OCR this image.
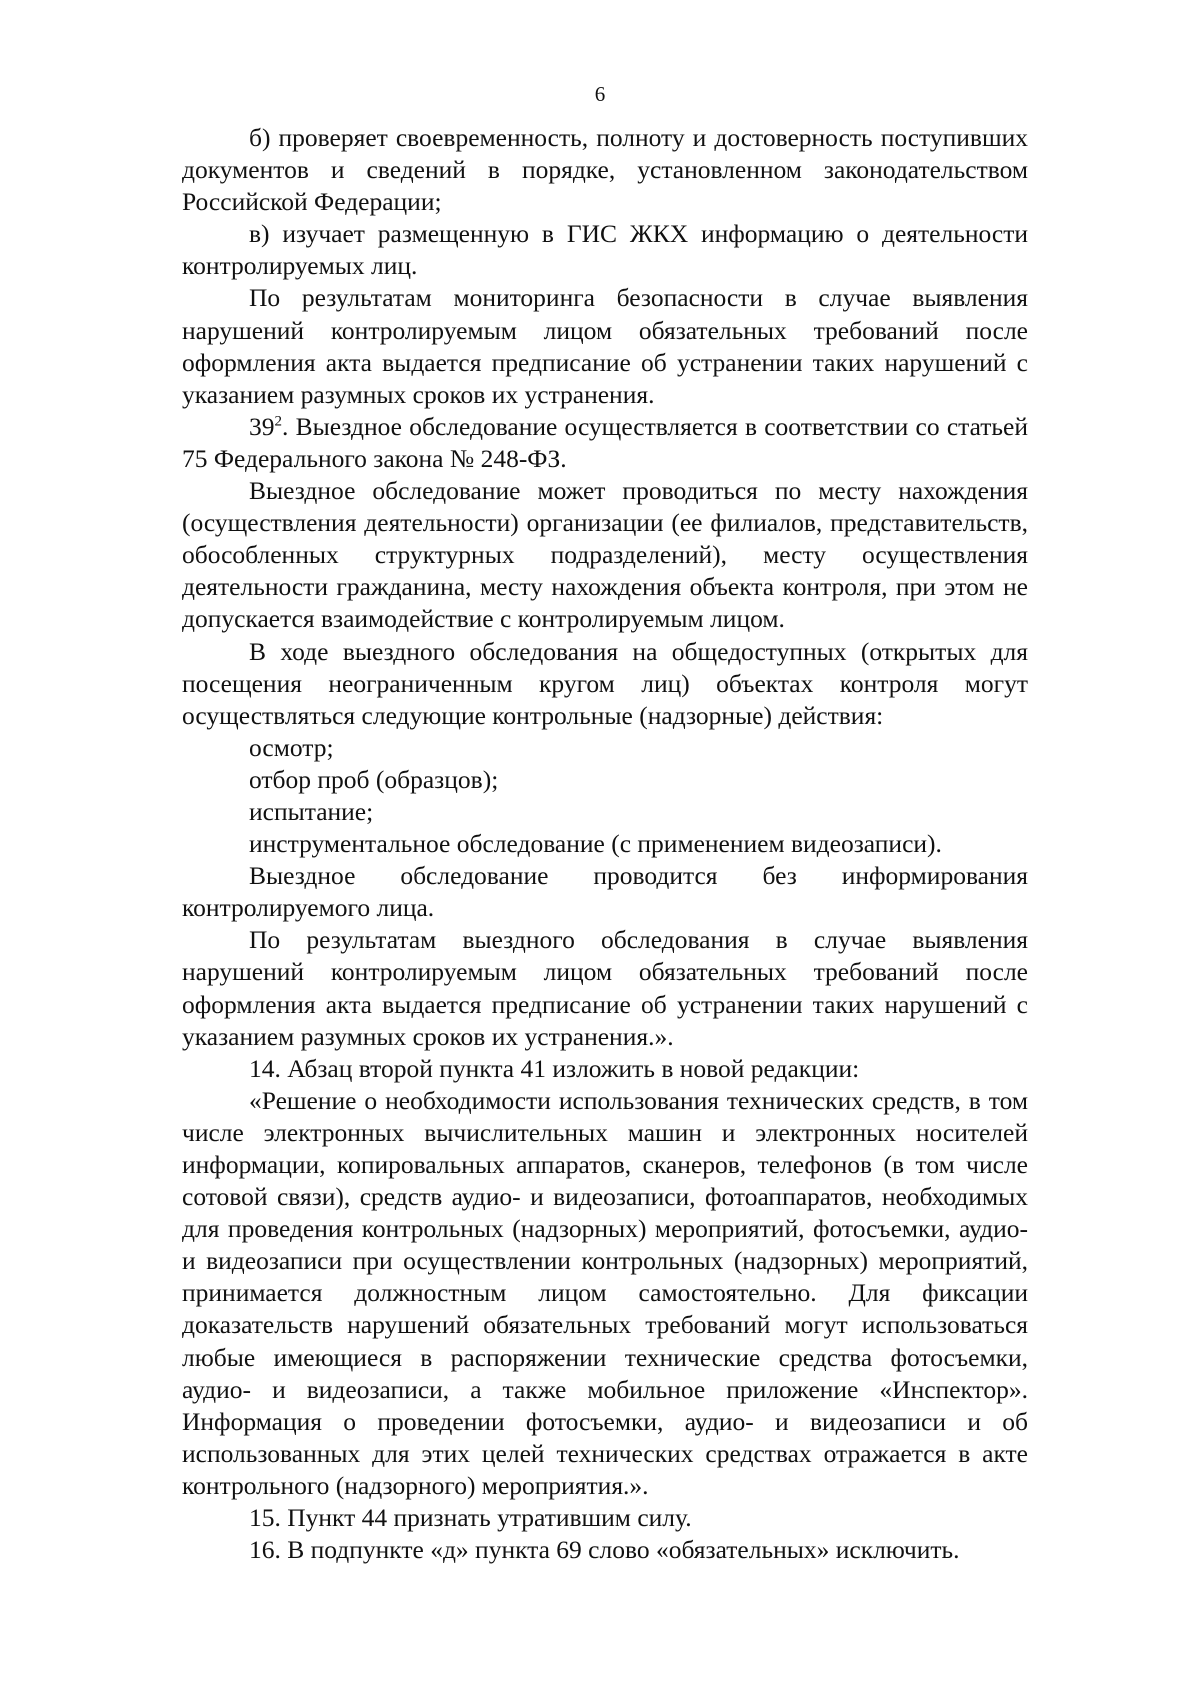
6

б) проверяет своевременность, полноту и достоверность поступивших документов и сведений в порядке, установленном законодательством Российской Федерации;

в) изучает размещенную в ГИС ЖКХ информацию о деятельности контролируемых лиц.

По результатам мониторинга безопасности в случае выявления нарушений контролируемым лицом обязательных требований после оформления акта выдается предписание об устранении таких нарушений с указанием разумных сроков их устранения.

$39^2$. Выездное обследование осуществляется в соответствии со статьей 75 Федерального закона № 248-ФЗ.

Выездное обследование может проводиться по месту нахождения (осуществления деятельности) организации (ее филиалов, представительств, обособленных структурных подразделений), месту осуществления деятельности гражданина, месту нахождения объекта контроля, при этом не допускается взаимодействие с контролируемым лицом.

В ходе выездного обследования на общедоступных (открытых для посещения неограниченным кругом лиц) объектах контроля могут осуществляться следующие контрольные (надзорные) действия:

осмотр;

отбор проб (образцов);

испытание;

инструментальное обследование (с применением видеозаписи).

Выездное обследование проводится без информирования контролируемого лица.

По результатам выездного обследования в случае выявления нарушений контролируемым лицом обязательных требований после оформления акта выдается предписание об устранении таких нарушений с указанием разумных сроков их устранения.».

14. Абзац второй пункта 41 изложить в новой редакции:

«Решение о необходимости использования технических средств, в том числе электронных вычислительных машин и электронных носителей информации, копировальных аппаратов, сканеров, телефонов (в том числе сотовой связи), средств аудио- и видеозаписи, фотоаппаратов, необходимых для проведения контрольных (надзорных) мероприятий, фотосъемки, аудио- и видеозаписи при осуществлении контрольных (надзорных) мероприятий, принимается должностным лицом самостоятельно. Для фиксации доказательств нарушений обязательных требований могут использоваться любые имеющиеся в распоряжении технические средства фотосъемки, аудио- и видеозаписи, а также мобильное приложение «Инспектор». Информация о проведении фотосъемки, аудио- и видеозаписи и об использованных для этих целей технических средствах отражается в акте контрольного (надзорного) мероприятия.».

15. Пункт 44 признать утратившим силу.

16. В подпункте «д» пункта 69 слово «обязательных» исключить.
